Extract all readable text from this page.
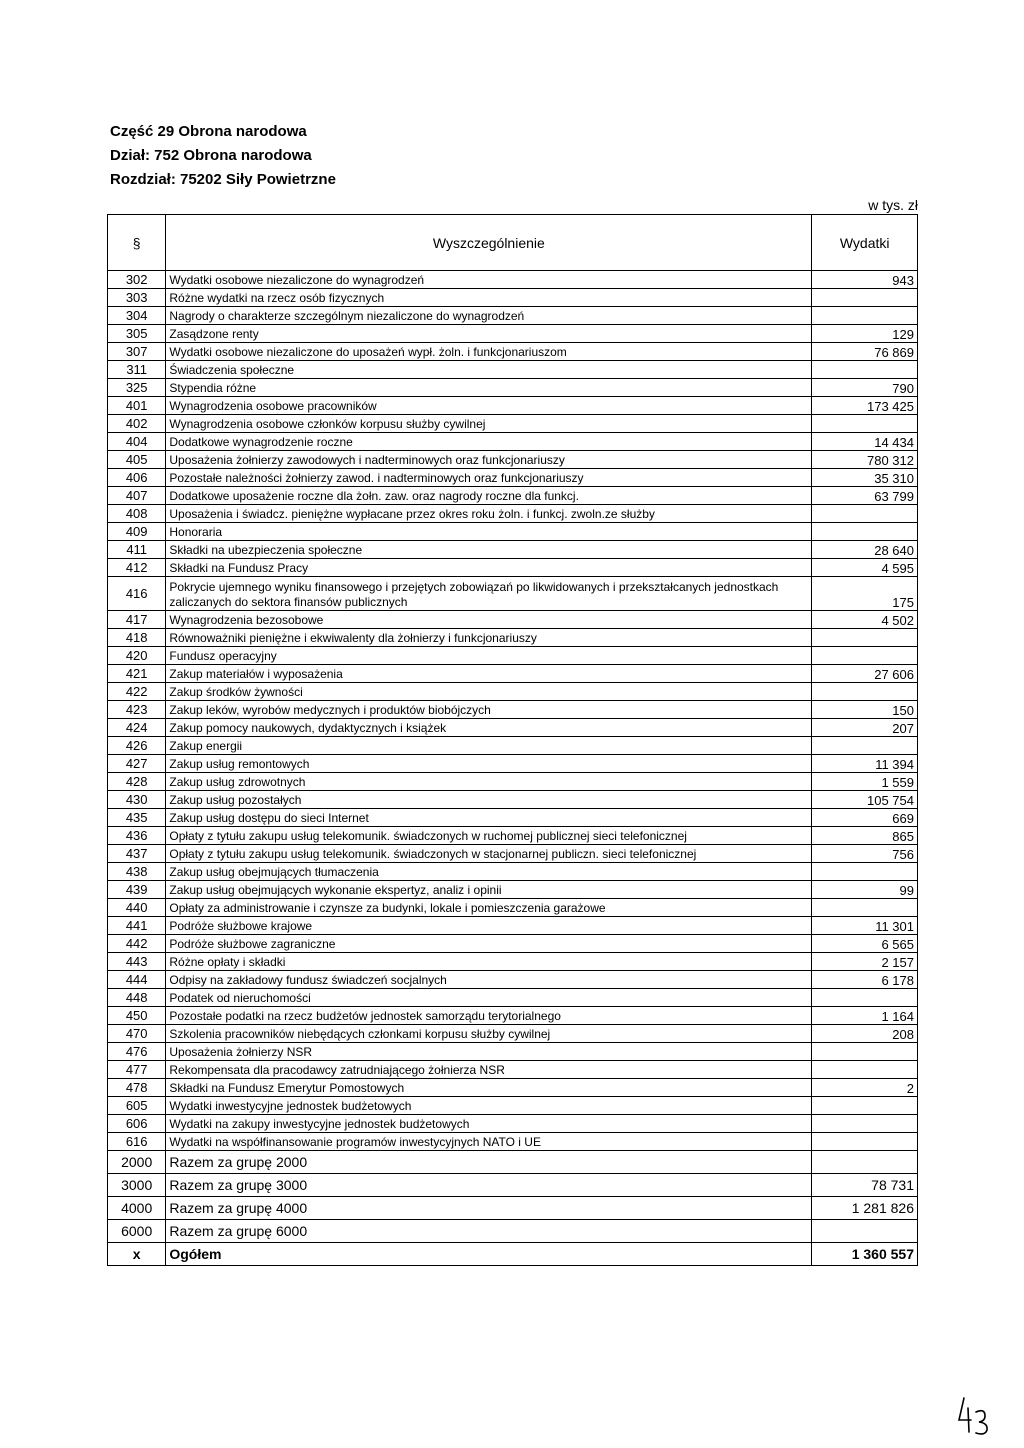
Część 29 Obrona narodowa
Dział: 752 Obrona narodowa
Rozdział: 75202 Siły Powietrzne
w tys. zł
§	Wyszczególnienie	Wydatki
302	Wydatki osobowe niezaliczone do wynagrodzeń	943
303	Różne wydatki na rzecz osób fizycznych	
304	Nagrody o charakterze szczególnym niezaliczone do wynagrodzeń	
305	Zasądzone renty	129
307	Wydatki osobowe niezaliczone do uposażeń wypł. żoln. i funkcjonariuszom	76 869
311	Świadczenia społeczne	
325	Stypendia różne	790
401	Wynagrodzenia osobowe pracowników	173 425
402	Wynagrodzenia osobowe członków korpusu służby cywilnej	
404	Dodatkowe wynagrodzenie roczne	14 434
405	Uposażenia żołnierzy zawodowych i nadterminowych oraz funkcjonariuszy	780 312
406	Pozostałe należności żołnierzy zawod. i nadterminowych oraz funkcjonariuszy	35 310
407	Dodatkowe uposażenie roczne dla żołn. zaw. oraz nagrody roczne dla funkcj.	63 799
408	Uposażenia i świadcz. pieniężne wypłacane przez okres roku żoln. i funkcj. zwoln.ze służby	
409	Honoraria	
411	Składki na ubezpieczenia społeczne	28 640
412	Składki na Fundusz Pracy	4 595
416	Pokrycie ujemnego wyniku finansowego i przejętych zobowiązań po likwidowanych i przekształcanych jednostkach zaliczanych do sektora finansów publicznych	175
417	Wynagrodzenia bezosobowe	4 502
418	Równoważniki pieniężne i ekwiwalenty dla żołnierzy i funkcjonariuszy	
420	Fundusz operacyjny	
421	Zakup materiałów i wyposażenia	27 606
422	Zakup środków żywności	
423	Zakup leków, wyrobów medycznych i produktów biobójczych	150
424	Zakup pomocy naukowych, dydaktycznych i książek	207
426	Zakup energii	
427	Zakup usług remontowych	11 394
428	Zakup usług zdrowotnych	1 559
430	Zakup usług pozostałych	105 754
435	Zakup usług dostępu do sieci Internet	669
436	Opłaty z tytułu zakupu usług telekomunik. świadczonych w ruchomej publicznej sieci telefonicznej	865
437	Opłaty z tytułu zakupu usług telekomunik. świadczonych w stacjonarnej publiczn. sieci telefonicznej	756
438	Zakup usług obejmujących tłumaczenia	
439	Zakup usług obejmujących wykonanie ekspertyz, analiz i opinii	99
440	Opłaty za administrowanie i czynsze za budynki, lokale i pomieszczenia garażowe	
441	Podróże służbowe krajowe	11 301
442	Podróże służbowe zagraniczne	6 565
443	Różne opłaty i składki	2 157
444	Odpisy na zakładowy fundusz świadczeń socjalnych	6 178
448	Podatek od nieruchomości	
450	Pozostałe podatki na rzecz budżetów jednostek samorządu terytorialnego	1 164
470	Szkolenia pracowników niebędących członkami korpusu służby cywilnej	208
476	Uposażenia żołnierzy NSR	
477	Rekompensata dla pracodawcy zatrudniającego żołnierza NSR	
478	Składki na Fundusz Emerytur Pomostowych	2
605	Wydatki inwestycyjne jednostek budżetowych	
606	Wydatki na zakupy inwestycyjne jednostek budżetowych	
616	Wydatki na współfinansowanie programów inwestycyjnych NATO i UE	
2000	Razem za grupę 2000	
3000	Razem za grupę 3000	78 731
4000	Razem za grupę 4000	1 281 826
6000	Razem za grupę 6000	
x	Ogółem	1 360 557
